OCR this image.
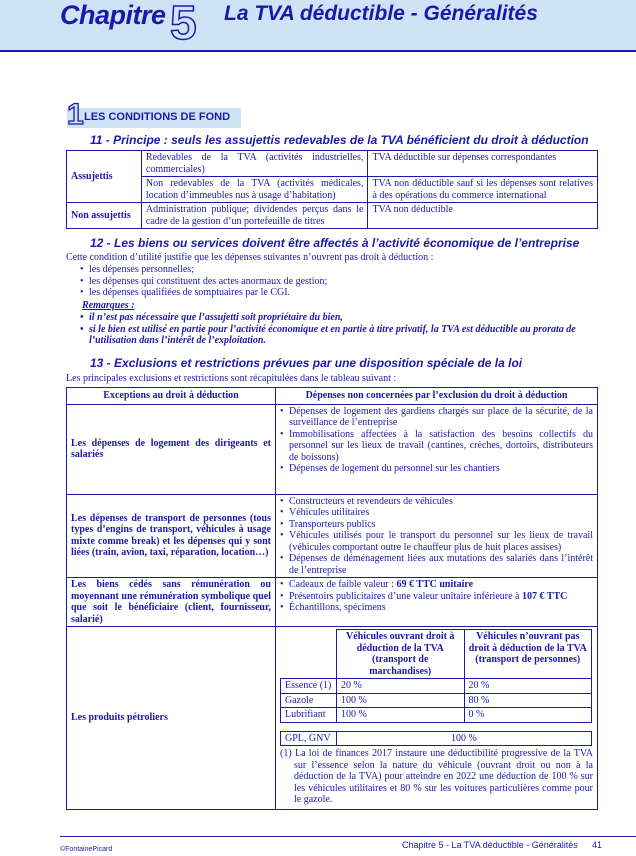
Chapitre 5 La TVA déductible - Généralités
1 LES CONDITIONS DE FOND
11 - Principe : seuls les assujettis redevables de la TVA bénéficient du droit à déduction
Assujettis	Redevables de la TVA (activités industrielles, commerciales)	TVA déductible sur dépenses correspondantes
	Non redevables de la TVA (activités médicales, location d’immeubles nus à usage d’habitation)	TVA non déductible sauf si les dépenses sont relatives à des opérations du commerce international
Non assujettis	Administration publique; dividendes perçus dans le cadre de la gestion d’un portefeuille de titres	TVA non déductible
12 - Les biens ou services doivent être affectés à l’activité économique de l’entreprise
Cette condition d’utilité justifie que les dépenses suivantes n’ouvrent pas droit à déduction :
• les dépenses personnelles;
• les dépenses qui constituent des actes anormaux de gestion;
• les dépenses qualifiées de somptuaires par le CGI.
Remarques :
• il n’est pas nécessaire que l’assujetti soit propriétaire du bien,
• si le bien est utilisé en partie pour l’activité économique et en partie à titre privatif, la TVA est déductible au prorata de l’utilisation dans l’intérêt de l’exploitation.
13 - Exclusions et restrictions prévues par une disposition spéciale de la loi
Les principales exclusions et restrictions sont récapitulées dans le tableau suivant :
Exceptions au droit à déduction	Dépenses non concernées par l’exclusion du droit à déduction
Les dépenses de logement des dirigeants et salariés	
• Dépenses de logement des gardiens chargés sur place de la sécurité, de la surveillance de l’entreprise
• Immobilisations affectées à la satisfaction des besoins collectifs du personnel sur les lieux de travail (cantines, crèches, dortoirs, distributeurs de boissons)
• Dépenses de logement du personnel sur les chantiers

Les dépenses de transport de personnes (tous types d’engins de transport, véhicules à usage mixte comme break) et les dépenses qui y sont liées (train, avion, taxi, réparation, location…)	
• Constructeurs et revendeurs de véhicules
• Véhicules utilitaires
• Transporteurs publics
• Véhicules utilisés pour le transport du personnel sur les lieux de travail (véhicules comportant outre le chauffeur plus de huit places assises)
• Dépenses de déménagement liées aux mutations des salariés dans l’intérêt de l’entreprise

Les biens cédés sans rémunération ou moyennant une rémunération symbolique quel que soit le bénéficiaire (client, fournisseur, salarié)	
• Cadeaux de faible valeur : 69 € TTC unitaire
• Présentoirs publicitaires d’une valeur unitaire inférieure à 107 € TTC
• Échantillons, spécimens

Les produits pétroliers	
	Véhicules ouvrant droit à déduction de la TVA (transport de marchandises)	Véhicules n’ouvrant pas droit à déduction de la TVA (transport de personnes)
Essence (1)	20 %	20 %
Gazole	100 %	80 %
Lubrifiant	100 %	0 %
GPL, GNV	100 %
(1) La loi de finances 2017 instaure une déductibilité progressive de la TVA sur l’essence selon la nature du véhicule (ouvrant droit ou non à la déduction de la TVA) pour atteindre en 2022 une déduction de 100 % sur les véhicules utilitaires et 80 % sur les voitures particulières comme pour le gazole.
©FontainePicard	Chapitre 5 - La TVA déductible - Généralités 41
